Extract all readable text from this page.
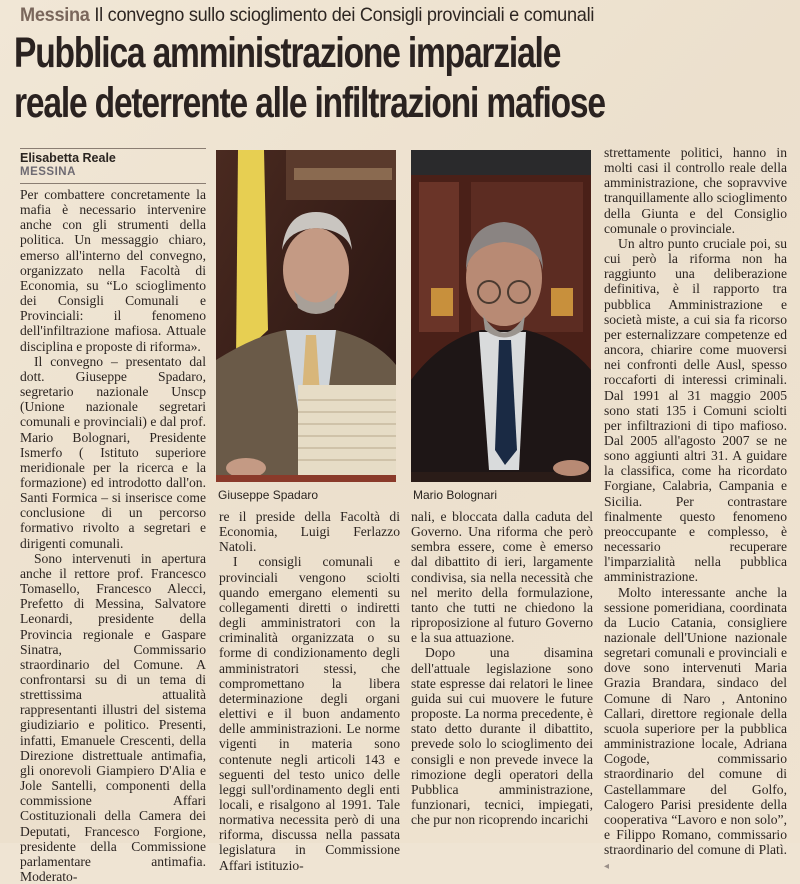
Messina Il convegno sullo scioglimento dei Consigli provinciali e comunali
Pubblica amministrazione imparziale
reale deterrente alle infiltrazioni mafiose
Elisabetta Reale
MESSINA

Per combattere concretamente la mafia è necessario intervenire anche con gli strumenti della politica. Un messaggio chiaro, emerso all'interno del convegno, organizzato nella Facoltà di Economia, su “Lo scioglimento dei Consigli Comunali e Provinciali: il fenomeno dell'infiltrazione mafiosa. Attuale disciplina e proposte di riforma».

Il convegno – presentato dal dott. Giuseppe Spadaro, segretario nazionale Unscp (Unione nazionale segretari comunali e provinciali) e dal prof. Mario Bolognari, Presidente Ismerfo ( Istituto superiore meridionale per la ricerca e la formazione) ed introdotto dall'on. Santi Formica – si inserisce come conclusione di un percorso formativo rivolto a segretari e dirigenti comunali.

Sono intervenuti in apertura anche il rettore prof. Francesco Tomasello, Francesco Alecci, Prefetto di Messina, Salvatore Leonardi, presidente della Provincia regionale e Gaspare Sinatra, Commissario straordinario del Comune. A confrontarsi su di un tema di strettissima attualità rappresentanti illustri del sistema giudiziario e politico. Presenti, infatti, Emanuele Crescenti, della Direzione distrettuale antimafia, gli onorevoli Giampiero D'Alia e Jole Santelli, componenti della commissione Affari Costituzionali della Camera dei Deputati, Francesco Forgione, presidente della Commissione parlamentare antimafia. Moderato-

Giuseppe Spadaro	Mario Bolognari

re il preside della Facoltà di Economia, Luigi Ferlazzo Natoli.

I consigli comunali e provinciali vengono sciolti quando emergano elementi su collegamenti diretti o indiretti degli amministratori con la criminalità organizzata o su forme di condizionamento degli amministratori stessi, che compromettano la libera determinazione degli organi elettivi e il buon andamento delle amministrazioni. Le norme vigenti in materia sono contenute negli articoli 143 e seguenti del testo unico delle leggi sull'ordinamento degli enti locali, e risalgono al 1991. Tale normativa necessita però di una riforma, discussa nella passata legislatura in Commissione Affari istituzio-

nali, e bloccata dalla caduta del Governo. Una riforma che però sembra essere, come è emerso dal dibattito di ieri, largamente condivisa, sia nella necessità che nel merito della formulazione, tanto che tutti ne chiedono la riproposizione al futuro Governo e la sua attuazione.

Dopo una disamina dell'attuale legislazione sono state espresse dai relatori le linee guida sui cui muovere le future proposte. La norma precedente, è stato detto durante il dibattito, prevede solo lo scioglimento dei consigli e non prevede invece la rimozione degli operatori della Pubblica amministrazione, funzionari, tecnici, impiegati, che pur non ricoprendo incarichi

strettamente politici, hanno in molti casi il controllo reale della amministrazione, che sopravvive tranquillamente allo scioglimento della Giunta e del Consiglio comunale o provinciale.

Un altro punto cruciale poi, su cui però la riforma non ha raggiunto una deliberazione definitiva, è il rapporto tra pubblica Amministrazione e società miste, a cui sia fa ricorso per esternalizzare competenze ed ancora, chiarire come muoversi nei confronti delle Ausl, spesso roccaforti di interessi criminali. Dal 1991 al 31 maggio 2005 sono stati 135 i Comuni sciolti per infiltrazioni di tipo mafioso. Dal 2005 all'agosto 2007 se ne sono aggiunti altri 31. A guidare la classifica, come ha ricordato Forgiane, Calabria, Campania e Sicilia. Per contrastare finalmente questo fenomeno preoccupante e complesso, è necessario recuperare l'imparzialità nella pubblica amministrazione.

Molto interessante anche la sessione pomeridiana, coordinata da Lucio Catania, consigliere nazionale dell'Unione nazionale segretari comunali e provinciali e dove sono intervenuti Maria Grazia Brandara, sindaco del Comune di Naro , Antonino Callari, direttore regionale della scuola superiore per la pubblica amministrazione locale, Adriana Cogode, commissario straordinario del comune di Castellammare del Golfo, Calogero Parisi presidente della cooperativa “Lavoro e non solo”, e Filippo Romano, commissario straordinario del comune di Platì. ◂
